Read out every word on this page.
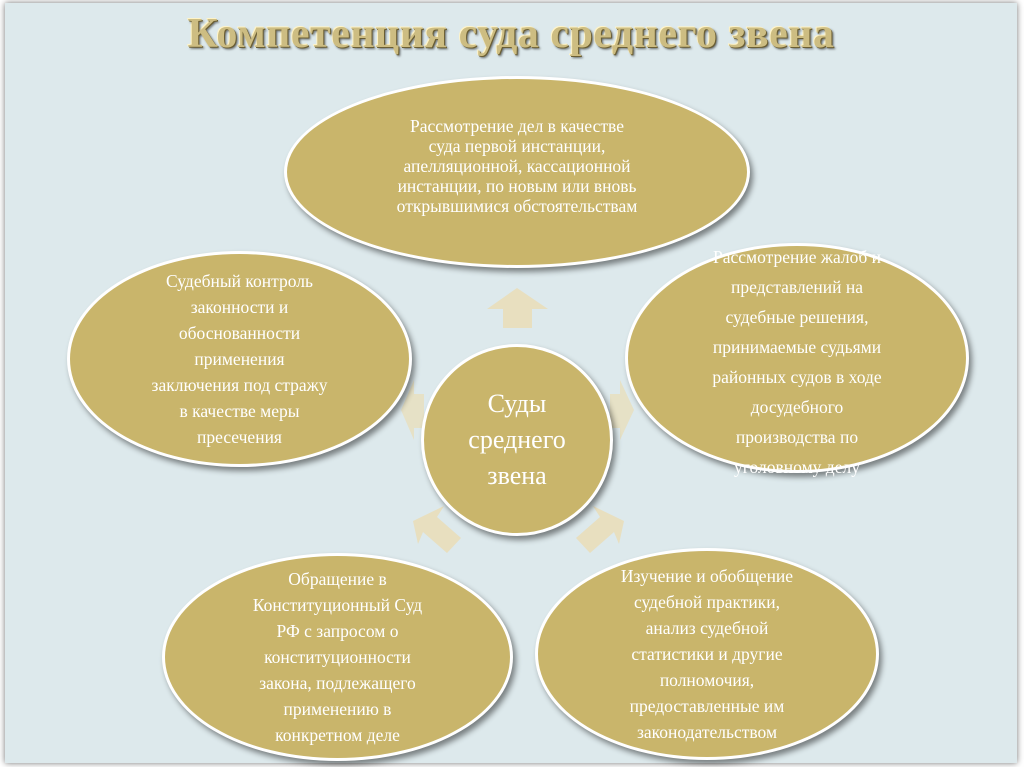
Компетенция суда среднего звена
Рассмотрение дел в качестве
суда первой инстанции,
апелляционной, кассационной
инстанции, по новым или вновь
открывшимися обстоятельствам
Судебный контроль
законности и
обоснованности
применения
заключения под стражу
в качестве меры
пресечения
Рассмотрение жалоб и
представлений на
судебные решения,
принимаемые судьями
районных судов в ходе
досудебного
производства по
уголовному делу
Обращение в
Конституционный Суд
РФ с запросом о
конституционности
закона, подлежащего
применению в
конкретном деле
Изучение и обобщение
судебной практики,
анализ судебной
статистики и другие
полномочия,
предоставленные им
законодательством
Суды
среднего
звена
